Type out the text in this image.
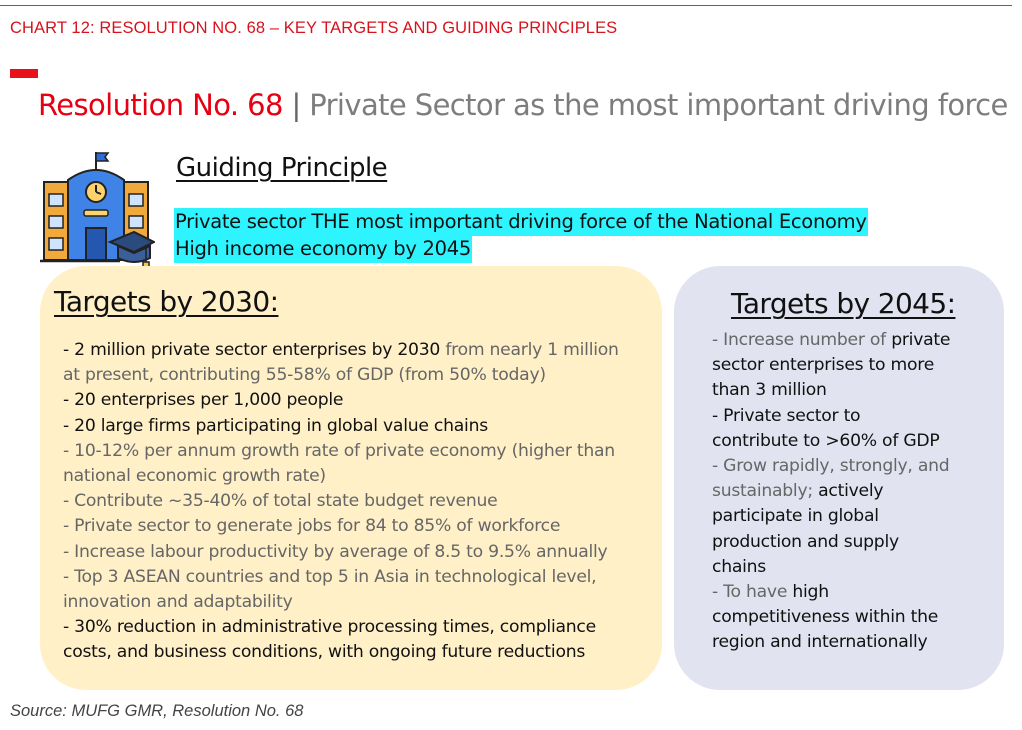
CHART 12: RESOLUTION NO. 68 – KEY TARGETS AND GUIDING PRINCIPLES
Resolution No. 68 | Private Sector as the most important driving force
Guiding Principle
Private sector THE most important driving force of the National Economy
High income economy by 2045
Targets by 2030:	Targets by 2045:
- 2 million private sector enterprises by 2030 from nearly 1 million
at present, contributing 55-58% of GDP (from 50% today)
- 20 enterprises per 1,000 people
- 20 large firms participating in global value chains
- 10-12% per annum growth rate of private economy (higher than
national economic growth rate)
- Contribute ~35-40% of total state budget revenue
- Private sector to generate jobs for 84 to 85% of workforce
- Increase labour productivity by average of 8.5 to 9.5% annually
- Top 3 ASEAN countries and top 5 in Asia in technological level,
innovation and adaptability
- 30% reduction in administrative processing times, compliance
costs, and business conditions, with ongoing future reductions
- Increase number of private
sector enterprises to more
than 3 million
- Private sector to
contribute to >60% of GDP
- Grow rapidly, strongly, and
sustainably; actively
participate in global
production and supply
chains
- To have high
competitiveness within the
region and internationally
Source: MUFG GMR, Resolution No. 68
